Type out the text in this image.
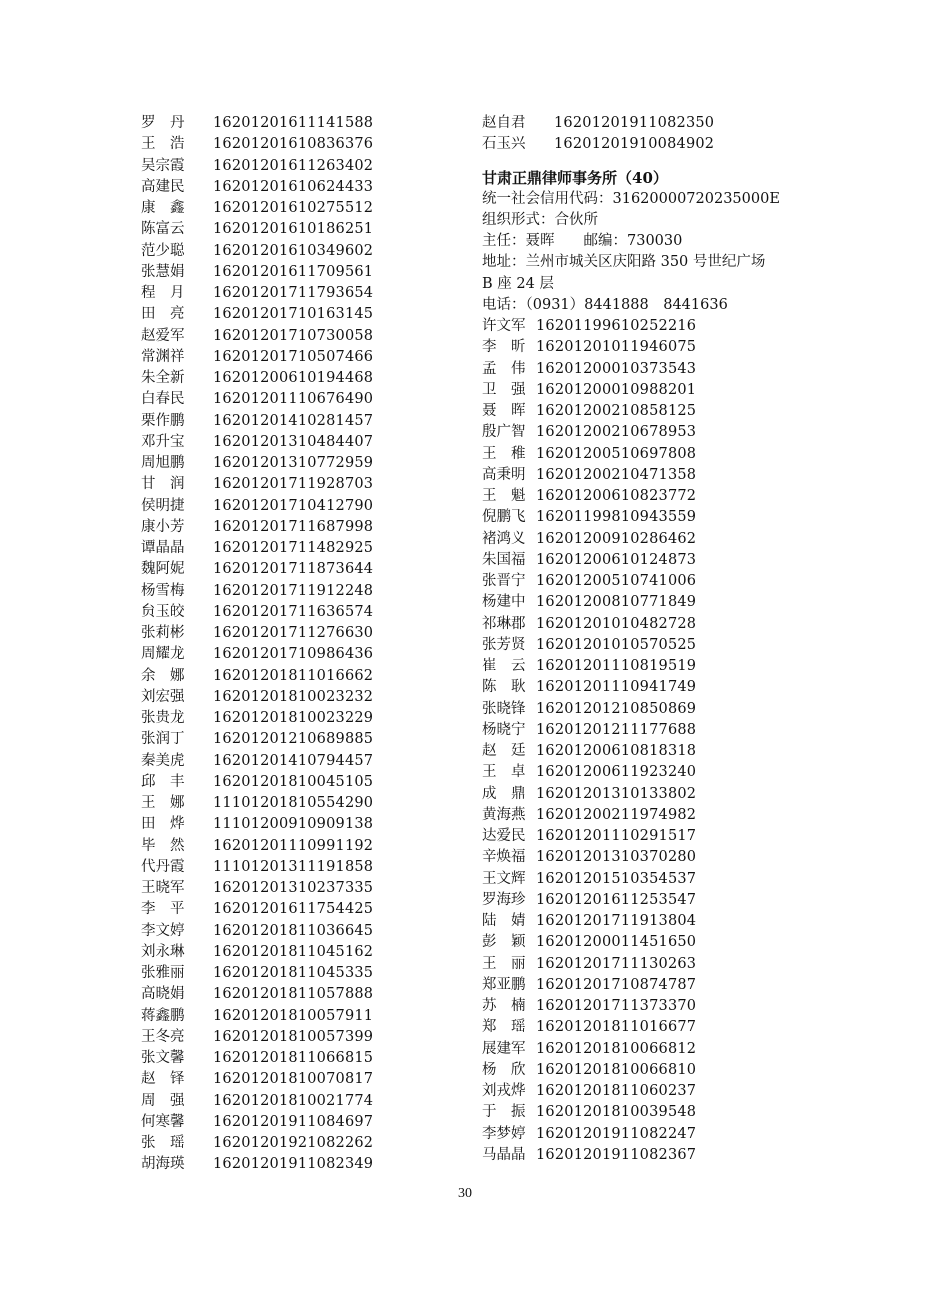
罗　丹 16201201611141588
王　浩 16201201610836376
吴宗霞 16201201611263402
高建民 16201201610624433
康　鑫 16201201610275512
陈富云 16201201610186251
范少聪 16201201610349602
张慧娟 16201201611709561
程　月 16201201711793654
田　亮 16201201710163145
赵爱军 16201201710730058
常渊祥 16201201710507466
朱全新 16201200610194468
白春民 16201201110676490
栗作鹏 16201201410281457
邓升宝 16201201310484407
周旭鹏 16201201310772959
甘　润 16201201711928703
侯明捷 16201201710412790
康小芳 16201201711687998
谭晶晶 16201201711482925
魏阿妮 16201201711873644
杨雪梅 16201201711912248
贠玉皎 16201201711636574
张莉彬 16201201711276630
周耀龙 16201201710986436
余　娜 16201201811016662
刘宏强 16201201810023232
张贵龙 16201201810023229
张润丁 16201201210689885
秦美虎 16201201410794457
邱　丰 16201201810045105
王　娜 11101201810554290
田　烨 11101200910909138
毕　然 16201201110991192
代丹霞 11101201311191858
王晓军 16201201310237335
李　平 16201201611754425
李文婷 16201201811036645
刘永琳 16201201811045162
张雅丽 16201201811045335
高晓娟 16201201811057888
蒋鑫鹏 16201201810057911
王冬亮 16201201810057399
张文馨 16201201811066815
赵　铎 16201201810070817
周　强 16201201810021774
何寒馨 16201201911084697
张　瑶 16201201921082262
胡海瑛 16201201911082349
赵自君 16201201911082350
石玉兴 16201201910084902
甘肃正鼎律师事务所（40）
统一社会信用代码：31620000720235000E
组织形式：合伙所
主任：聂晖　　邮编：730030
地址：兰州市城关区庆阳路 350 号世纪广场
B 座 24 层
电话：（0931）8441888　8441636
许文军 16201199610252216
李　昕 16201201011946075
孟　伟 16201200010373543
卫　强 16201200010988201
聂　晖 16201200210858125
殷广智 16201200210678953
王　稚 16201200510697808
高秉明 16201200210471358
王　魁 16201200610823772
倪鹏飞 16201199810943559
褚鸿义 16201200910286462
朱国福 16201200610124873
张晋宁 16201200510741006
杨建中 16201200810771849
祁琳郡 16201201010482728
张芳贤 16201201010570525
崔　云 16201201110819519
陈　耿 16201201110941749
张晓锋 16201201210850869
杨晓宁 16201201211177688
赵　廷 16201200610818318
王　卓 16201200611923240
成　鼎 16201201310133802
黄海燕 16201200211974982
达爱民 16201201110291517
辛焕福 16201201310370280
王文辉 16201201510354537
罗海珍 16201201611253547
陆　婧 16201201711913804
彭　颖 16201200011451650
王　丽 16201201711130263
郑亚鹏 16201201710874787
苏　楠 16201201711373370
郑　瑶 16201201811016677
展建军 16201201810066812
杨　欣 16201201810066810
刘戎烨 16201201811060237
于　振 16201201810039548
李梦婷 16201201911082247
马晶晶 16201201911082367
30
